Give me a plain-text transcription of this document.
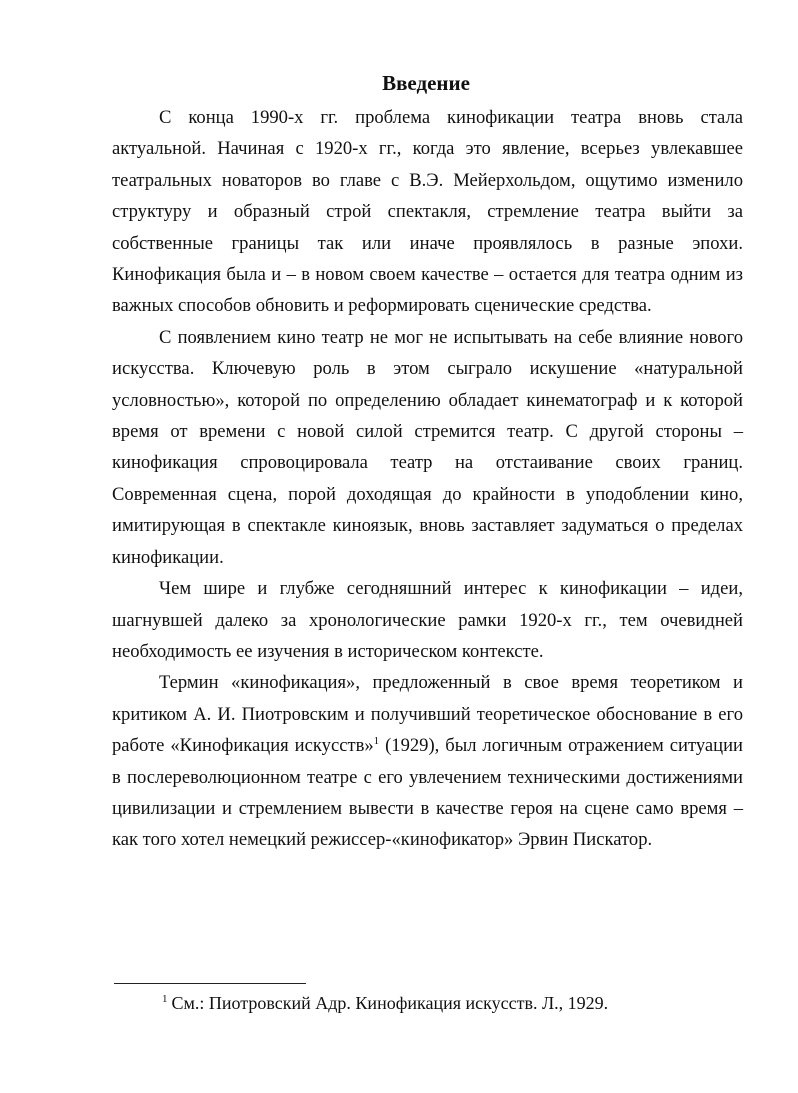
Введение

С конца 1990-х гг. проблема кинофикации театра вновь стала актуальной. Начиная с 1920-х гг., когда это явление, всерьез увлекавшее театральных новаторов во главе с В.Э. Мейерхольдом, ощутимо изменило структуру и образный строй спектакля, стремление театра выйти за собственные границы так или иначе проявлялось в разные эпохи. Кинофикация была и – в новом своем качестве – остается для театра одним из важных способов обновить и реформировать сценические средства.

С появлением кино театр не мог не испытывать на себе влияние нового искусства. Ключевую роль в этом сыграло искушение «натуральной условностью», которой по определению обладает кинематограф и к которой время от времени с новой силой стремится театр. С другой стороны – кинофикация спровоцировала театр на отстаивание своих границ. Современная сцена, порой доходящая до крайности в уподоблении кино, имитирующая в спектакле киноязык, вновь заставляет задуматься о пределах кинофикации.

Чем шире и глубже сегодняшний интерес к кинофикации – идеи, шагнувшей далеко за хронологические рамки 1920-х гг., тем очевидней необходимость ее изучения в историческом контексте.

Термин «кинофикация», предложенный в свое время теоретиком и критиком А. И. Пиотровским и получивший теоретическое обоснование в его работе «Кинофикация искусств»$^1$ (1929), был логичным отражением ситуации в послереволюционном театре с его увлечением техническими достижениями цивилизации и стремлением вывести в качестве героя на сцене само время – как того хотел немецкий режиссер-«кинофикатор» Эрвин Пискатор.

$^1$ См.: Пиотровский Адр. Кинофикация искусств. Л., 1929.
